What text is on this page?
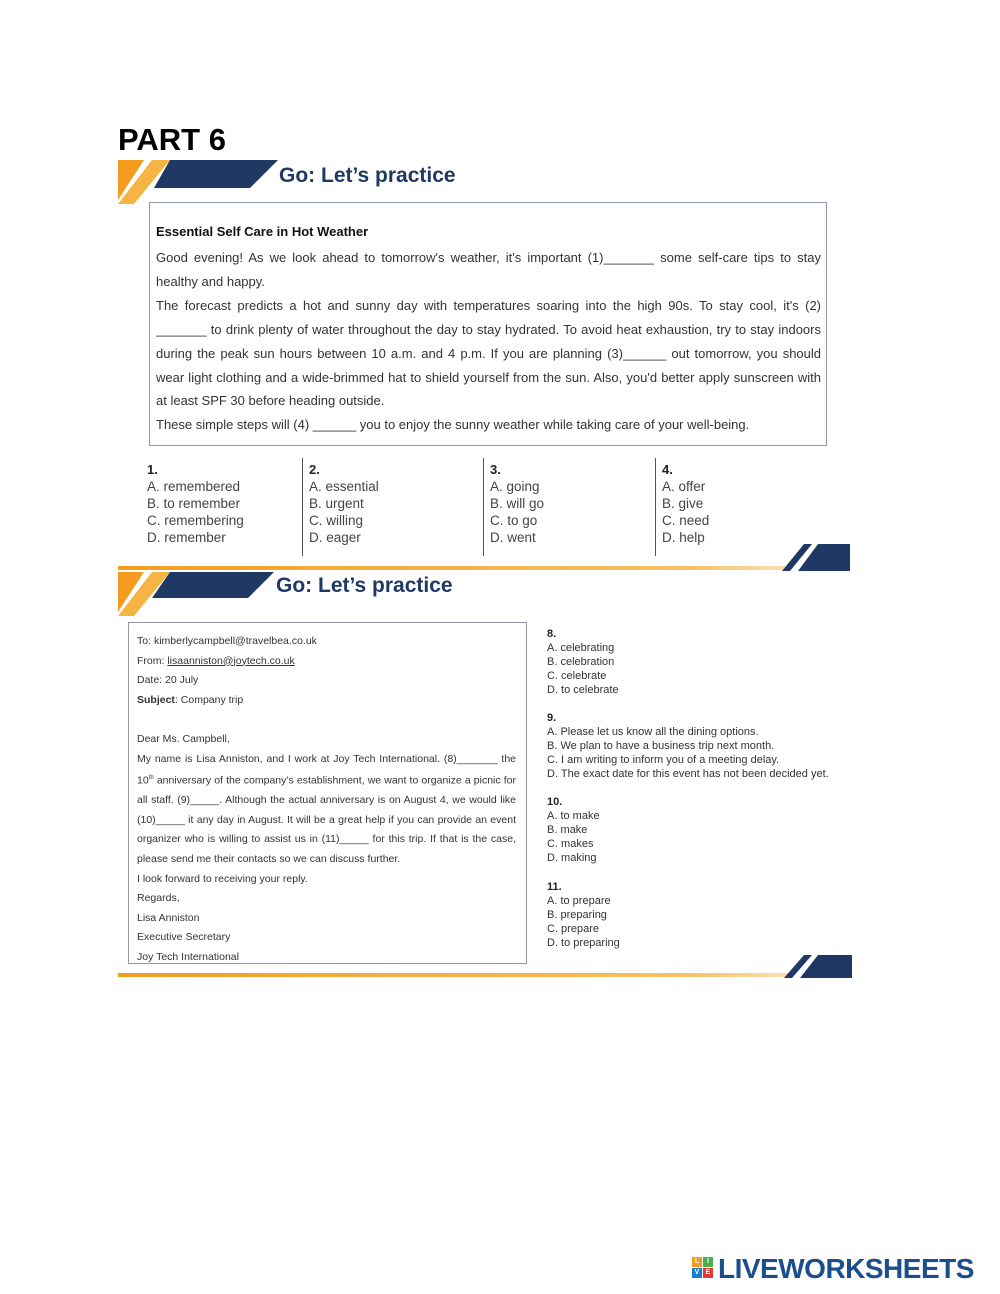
PART 6
Go: Let’s practice
Essential Self Care in Hot Weather

Good evening! As we look ahead to tomorrow's weather, it's important (1)_______ some self-care tips to stay healthy and happy.

The forecast predicts a hot and sunny day with temperatures soaring into the high 90s. To stay cool, it's (2) _______ to drink plenty of water throughout the day to stay hydrated. To avoid heat exhaustion, try to stay indoors during the peak sun hours between 10 a.m. and 4 p.m. If you are planning (3)______ out tomorrow, you should wear light clothing and a wide-brimmed hat to shield yourself from the sun. Also, you'd better apply sunscreen with at least SPF 30 before heading outside.

These simple steps will (4) ______ you to enjoy the sunny weather while taking care of your well-being.

1.
A. remembered
B. to remember
C. remembering
D. remember
2.
A. essential
B. urgent
C. willing
D. eager
3.
A. going
B. will go
C. to go
D. went
4.
A. offer
B. give
C. need
D. help
Go: Let’s practice
To: kimberlycampbell@travelbea.co.uk
From: lisaanniston@joytech.co.uk
Date: 20 July
Subject: Company trip
Dear Ms. Campbell,
My name is Lisa Anniston, and I work at Joy Tech International. (8)_______ the 10th anniversary of the company’s establishment, we want to organize a picnic for all staff. (9)_____. Although the actual anniversary is on August 4, we would like (10)_____ it any day in August. It will be a great help if you can provide an event organizer who is willing to assist us in (11)_____ for this trip. If that is the case, please send me their contacts so we can discuss further.
I look forward to receiving your reply.
Regards,
Lisa Anniston
Executive Secretary
Joy Tech International
8.
A. celebrating
B. celebration
C. celebrate
D. to celebrate
9.
A. Please let us know all the dining options.
B. We plan to have a business trip next month.
C. I am writing to inform you of a meeting delay.
D. The exact date for this event has not been decided yet.
10.
A. to make
B. make
C. makes
D. making
11.
A. to prepare
B. preparing
C. prepare
D. to preparing
L	I
V E LIVEWORKSHEETS
